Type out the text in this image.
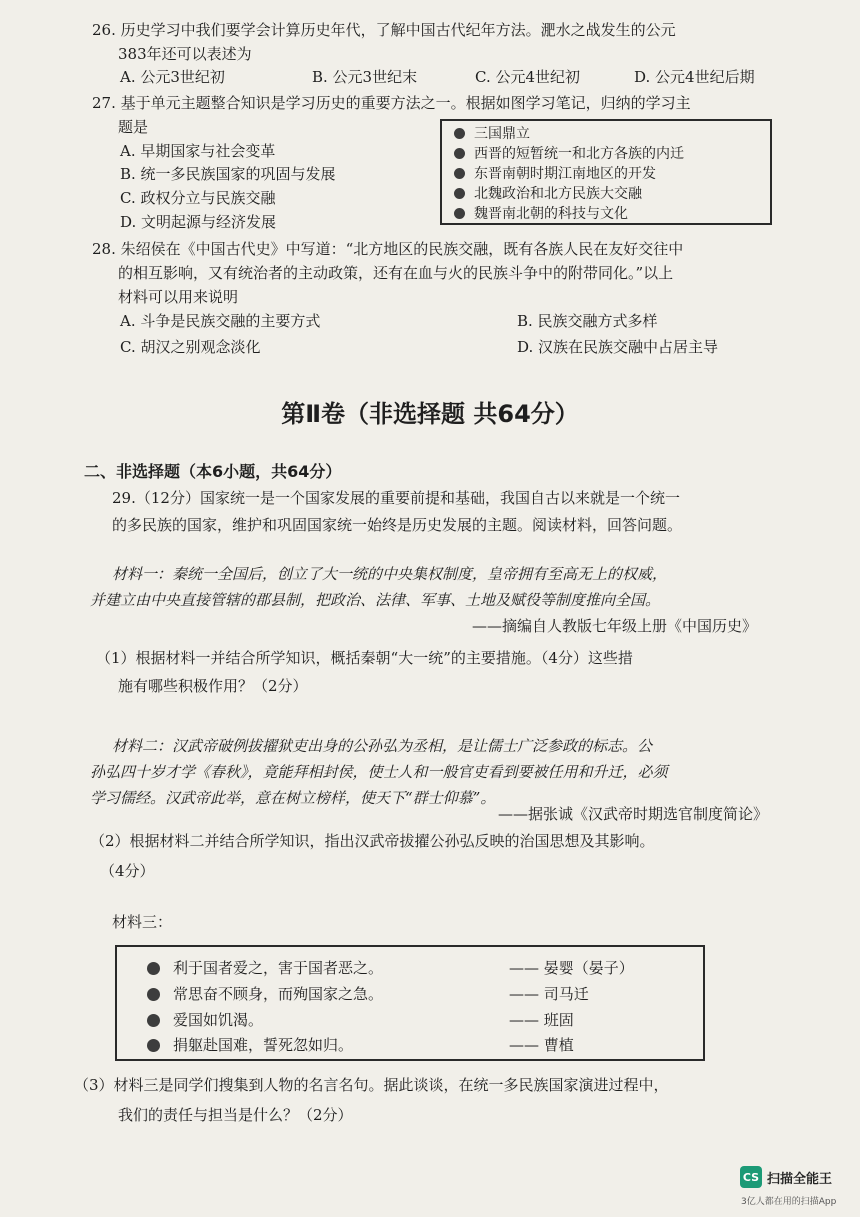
26. 历史学习中我们要学会计算历史年代，了解中国古代纪年方法。淝水之战发生的公元
383年还可以表述为
A. 公元3世纪初	B. 公元3世纪末	C. 公元4世纪初	D. 公元4世纪后期
27. 基于单元主题整合知识是学习历史的重要方法之一。根据如图学习笔记，归纳的学习主
题是
A. 早期国家与社会变革
B. 统一多民族国家的巩固与发展
C. 政权分立与民族交融
D. 文明起源与经济发展
三国鼎立
西晋的短暂统一和北方各族的内迁
东晋南朝时期江南地区的开发
北魏政治和北方民族大交融
魏晋南北朝的科技与文化
28. 朱绍侯在《中国古代史》中写道：“北方地区的民族交融，既有各族人民在友好交往中
的相互影响，又有统治者的主动政策，还有在血与火的民族斗争中的附带同化。”以上
材料可以用来说明
A. 斗争是民族交融的主要方式	B. 民族交融方式多样
C. 胡汉之别观念淡化	D. 汉族在民族交融中占居主导
第Ⅱ卷（非选择题 共64分）
二、非选择题（本6小题，共64分）
29.（12分）国家统一是一个国家发展的重要前提和基础，我国自古以来就是一个统一
的多民族的国家，维护和巩固国家统一始终是历史发展的主题。阅读材料，回答问题。
材料一：秦统一全国后，创立了大一统的中央集权制度，皇帝拥有至高无上的权威，
并建立由中央直接管辖的郡县制，把政治、法律、军事、土地及赋役等制度推向全国。
——摘编自人教版七年级上册《中国历史》
（1）根据材料一并结合所学知识，概括秦朝“大一统”的主要措施。（4分）这些措
施有哪些积极作用？（2分）
材料二：汉武帝破例拔擢狱吏出身的公孙弘为丞相，是让儒士广泛参政的标志。公
孙弘四十岁才学《春秋》，竟能拜相封侯，使士人和一般官吏看到要被任用和升迁，必须
学习儒经。汉武帝此举，意在树立榜样，使天下“群士仰慕”。
——据张诚《汉武帝时期选官制度简论》
（2）根据材料二并结合所学知识，指出汉武帝拔擢公孙弘反映的治国思想及其影响。
（4分）
材料三：
利于国者爱之，害于国者恶之。	—— 晏婴（晏子）
常思奋不顾身，而殉国家之急。	—— 司马迁
爱国如饥渴。	—— 班固
捐躯赴国难，誓死忽如归。	—— 曹植
（3）材料三是同学们搜集到人物的名言名句。据此谈谈，在统一多民族国家演进过程中，
我们的责任与担当是什么？（2分）
CS 扫描全能王
3亿人都在用的扫描App
